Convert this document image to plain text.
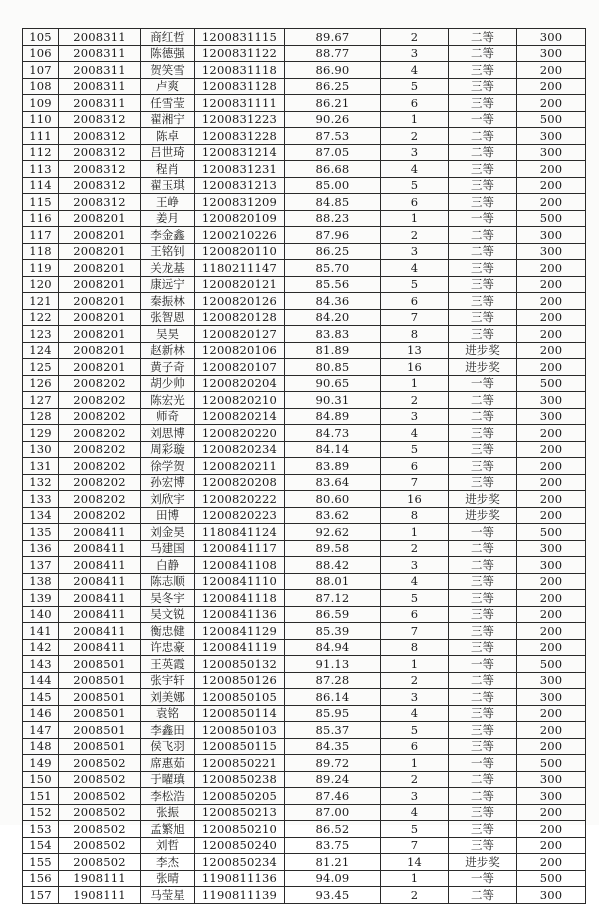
105	2008311	商红哲	1200831115	89.67	2	二等	300
106	2008311	陈德强	1200831122	88.77	3	二等	300
107	2008311	贺笑雪	1200831118	86.90	4	三等	200
108	2008311	卢爽	1200831128	86.25	5	三等	200
109	2008311	任雪莹	1200831111	86.21	6	三等	200
110	2008312	翟湘宁	1200831223	90.26	1	一等	500
111	2008312	陈卓	1200831228	87.53	2	二等	300
112	2008312	吕世琦	1200831214	87.05	3	二等	300
113	2008312	程肖	1200831231	86.68	4	三等	200
114	2008312	翟玉琪	1200831213	85.00	5	三等	200
115	2008312	王峥	1200831209	84.85	6	三等	200
116	2008201	姜月	1200820109	88.23	1	一等	500
117	2008201	李金鑫	1200210226	87.96	2	二等	300
118	2008201	王铭钊	1200820110	86.25	3	二等	300
119	2008201	关龙基	1180211147	85.70	4	三等	200
120	2008201	康远宁	1200820121	85.56	5	三等	200
121	2008201	秦振林	1200820126	84.36	6	三等	200
122	2008201	张智恩	1200820128	84.20	7	三等	200
123	2008201	吴昊	1200820127	83.83	8	三等	200
124	2008201	赵新林	1200820106	81.89	13	进步奖	200
125	2008201	黄子奇	1200820107	80.85	16	进步奖	200
126	2008202	胡少帅	1200820204	90.65	1	一等	500
127	2008202	陈宏光	1200820210	90.31	2	二等	300
128	2008202	师奇	1200820214	84.89	3	二等	300
129	2008202	刘思博	1200820220	84.73	4	三等	200
130	2008202	周彩璇	1200820234	84.14	5	三等	200
131	2008202	徐学贺	1200820211	83.89	6	三等	200
132	2008202	孙宏博	1200820208	83.64	7	三等	200
133	2008202	刘欣宇	1200820222	80.60	16	进步奖	200
134	2008202	田博	1200820223	83.62	8	进步奖	200
135	2008411	刘金昊	1180841124	92.62	1	一等	500
136	2008411	马建国	1200841117	89.58	2	二等	300
137	2008411	白静	1200841108	88.42	3	二等	300
138	2008411	陈志顺	1200841110	88.01	4	三等	200
139	2008411	吴冬宇	1200841118	87.12	5	三等	200
140	2008411	吴文锐	1200841136	86.59	6	三等	200
141	2008411	衡忠健	1200841129	85.39	7	三等	200
142	2008411	许忠豪	1200841119	84.94	8	三等	200
143	2008501	王英霞	1200850132	91.13	1	一等	500
144	2008501	张宇轩	1200850126	87.28	2	二等	300
145	2008501	刘美娜	1200850105	86.14	3	二等	300
146	2008501	袁铭	1200850114	85.95	4	三等	200
147	2008501	李鑫田	1200850103	85.37	5	三等	200
148	2008501	侯飞羽	1200850115	84.35	6	三等	200
149	2008502	席惠茹	1200850221	89.72	1	一等	500
150	2008502	于曜瑱	1200850238	89.24	2	二等	300
151	2008502	李松浩	1200850205	87.46	3	二等	300
152	2008502	张振	1200850213	87.00	4	三等	200
153	2008502	孟繁旭	1200850210	86.52	5	三等	200
154	2008502	刘哲	1200850240	83.75	7	三等	200
155	2008502	李杰	1200850234	81.21	14	进步奖	200
156	1908111	张晴	1190811136	94.09	1	一等	500
157	1908111	马莹星	1190811139	93.45	2	二等	300
